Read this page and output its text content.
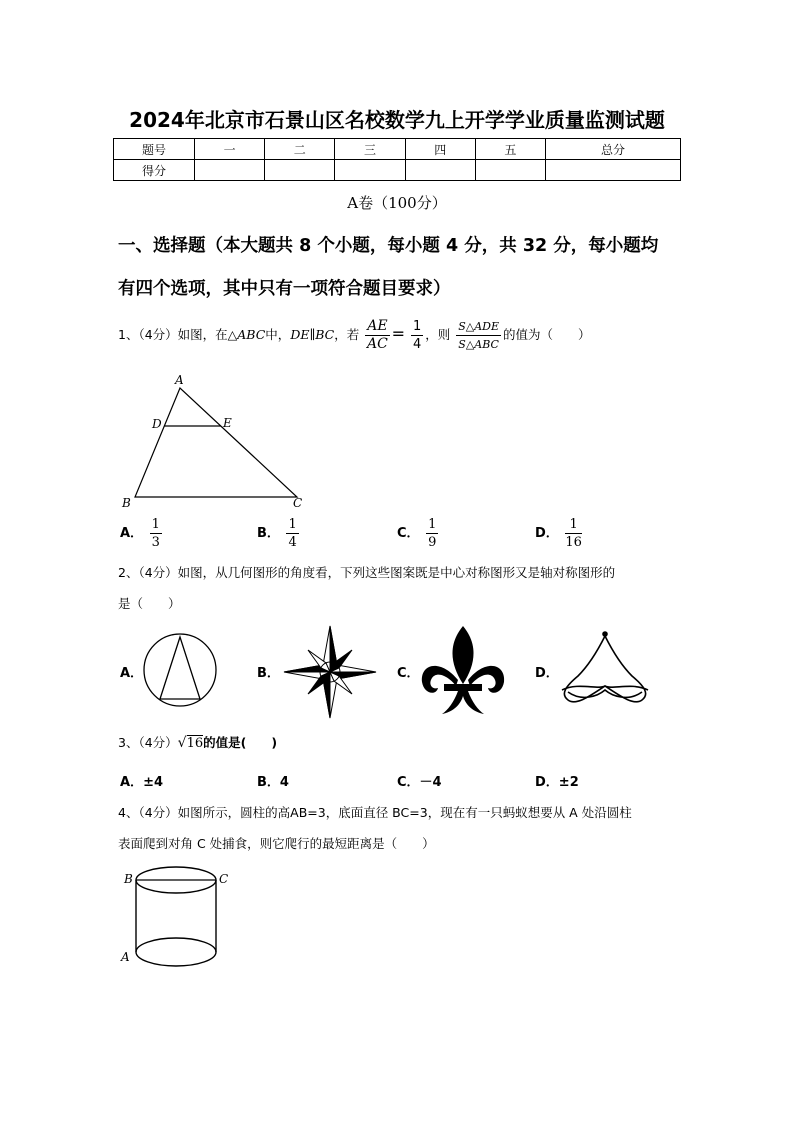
2024年北京市石景山区名校数学九上开学学业质量监测试题
题号	一	二	三	四	五	总分
得分						
A卷（100分）
一、选择题（本大题共 8 个小题，每小题 4 分，共 32 分，每小题均
有四个选项，其中只有一项符合题目要求）
1、（4分）如图，在△ABC中，DE∥BC，若 $\frac{AE}{AC} = \frac{1}{4}$ ，则 $\frac{\text{S△ADE}}{\text{S△ABC}}$ 的值为（　　）
A
D	E
B	C
A． $\frac{1}{3}$	B． $\frac{1}{4}$	C． $\frac{1}{9}$	D． $\frac{1}{16}$
2、（4分）如图，从几何图形的角度看，下列这些图案既是中心对称图形又是轴对称图形的
是（　　）
A．	B．	C．	D．
3、（4分）√16的值是(　　)
A．±4	B．4	C．－4	D．±2
4、（4分）如图所示，圆柱的高AB=3，底面直径 BC=3，现在有一只蚂蚁想要从 A 处沿圆柱
表面爬到对角 C 处捕食，则它爬行的最短距离是（　　）
B	C
A
